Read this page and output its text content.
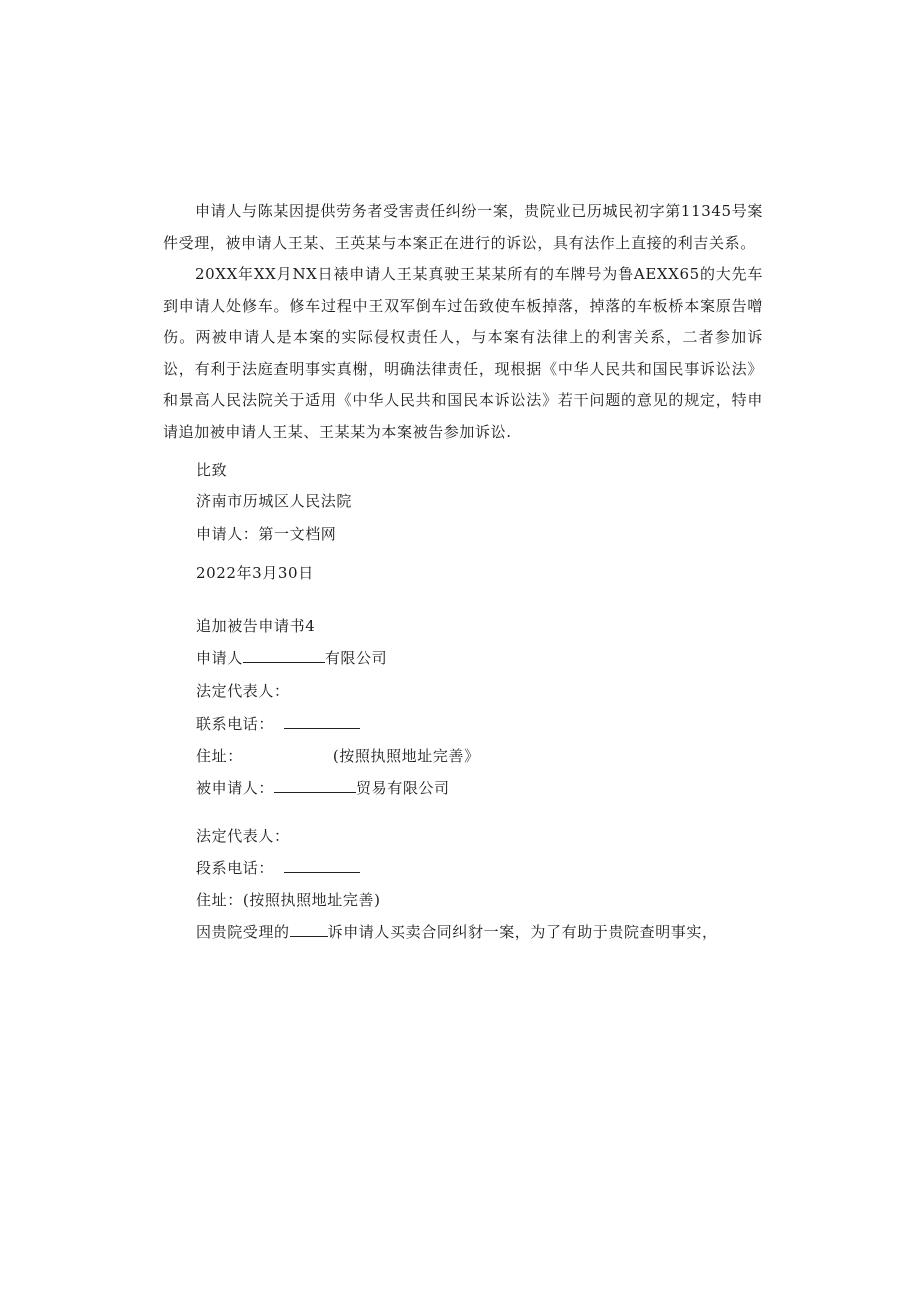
申请人与陈某因提供劳务者受害责任纠纷一案，贵院业已历城民初字第11345号案件受理，被申请人王某、王英某与本案正在进行的诉讼，具有法作上直接的利吉关系。
20XX年XX月NX日裱申请人王某真驶王某某所有的车牌号为鲁AEXX65的大先车到申请人处修车。修车过程中王双军倒车过缶致使车板掉落，掉落的车板桥本案原告噌伤。两被申请人是本案的实际侵权责任人，与本案有法律上的利害关系，二者参加诉讼，有利于法庭查明事实真榭，明确法律责任，现根据《中华人民共和国民事诉讼法》和景高人民法院关于适用《中华人民共和国民本诉讼法》若干问题的意见的规定，特申请追加被申请人王某、王某某为本案被告参加诉讼.
比致
济南市历城区人民法院
申请人：第一文档网
2022年3月30日
追加被告申请书4
申请人	有限公司
法定代表人：
联系电话：
住址：	(按照执照地址完善》
被申请人：	贸易有限公司
法定代表人：
段系电话：
住址：(按照执照地址完善)
因贵院受理的	诉申请人买卖合同纠豺一案，为了有助于贵院查明事实，
